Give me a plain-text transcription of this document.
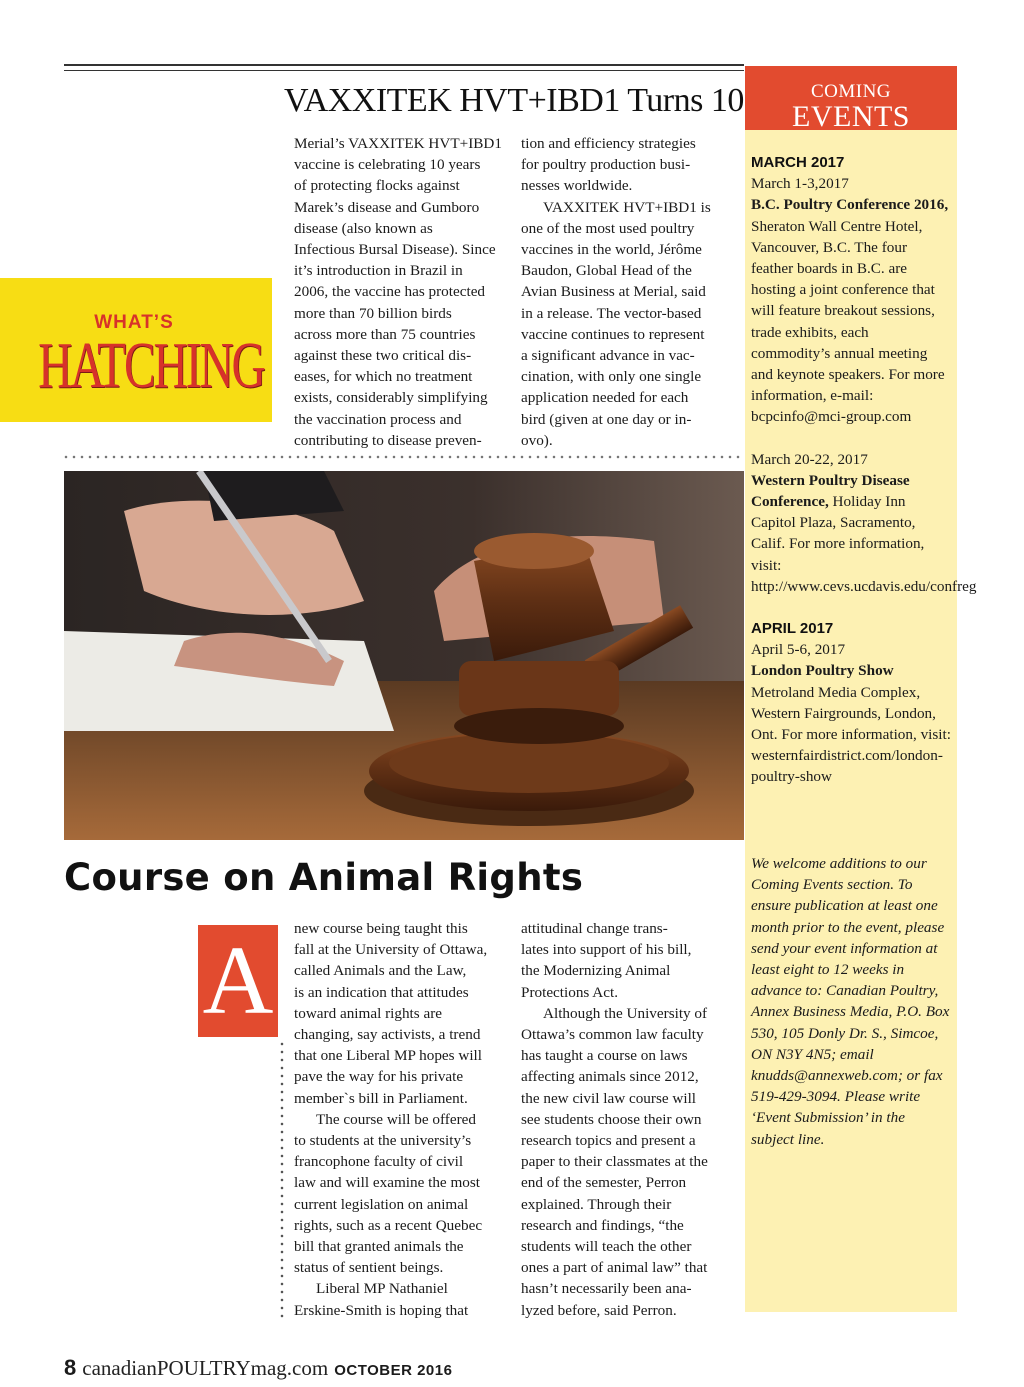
VAXXITEK HVT+IBD1 Turns 10
WHAT’S
HATCHING

Merial’s VAXXITEK HVT+IBD1

vaccine is celebrating 10 years

of protecting flocks against

Marek’s disease and Gumboro

disease (also known as

Infectious Bursal Disease). Since

it’s introduction in Brazil in

2006, the vaccine has protected

more than 70 billion birds

across more than 75 countries

against these two critical dis-

eases, for which no treatment

exists, considerably simplifying

the vaccination process and

contributing to disease preven-

tion and efficiency strategies

for poultry production busi-

nesses worldwide.

VAXXITEK HVT+IBD1 is

one of the most used poultry

vaccines in the world, Jérôme

Baudon, Global Head of the

Avian Business at Merial, said

in a release. The vector-based

vaccine continues to represent

a significant advance in vac-

cination, with only one single

application needed for each

bird (given at one day or in-

ovo).

Course on Animal Rights
A	new course being taught this

fall at the University of Ottawa,

called Animals and the Law,

is an indication that attitudes

toward animal rights are

changing, say activists, a trend

that one Liberal MP hopes will

pave the way for his private

member`s bill in Parliament.

The course will be offered

to students at the university’s

francophone faculty of civil

law and will examine the most

current legislation on animal

rights, such as a recent Quebec

bill that granted animals the

status of sentient beings.

Liberal MP Nathaniel

Erskine-Smith is hoping that

attitudinal change trans-

lates into support of his bill,

the Modernizing Animal

Protections Act.

Although the University of

Ottawa’s common law faculty

has taught a course on laws

affecting animals since 2012,

the new civil law course will

see students choose their own

research topics and present a

paper to their classmates at the

end of the semester, Perron

explained. Through their

research and findings, “the

students will teach the other

ones a part of animal law” that

hasn’t necessarily been ana-

lyzed before, said Perron.

COMING
EVENTS

MARCH 2017

March 1-3,2017

B.C. Poultry Conference 2016, Sheraton Wall Centre Hotel, Vancouver, B.C. The four feather boards in B.C. are hosting a joint conference that will feature breakout sessions, trade exhibits, each commodity’s annual meeting and keynote speakers. For more information, e-mail: bcpcinfo@mci-group.com

March 20-22, 2017

Western Poultry Disease Conference, Holiday Inn Capitol Plaza, Sacramento, Calif. For more information, visit: http://www.cevs.ucdavis.edu/confreg

APRIL 2017

April 5-6, 2017

London Poultry Show

Metroland Media Complex, Western Fairgrounds, London, Ont. For more information, visit: westernfairdistrict.com/london-poultry-show

We welcome additions to our Coming Events section. To ensure publication at least one month prior to the event, please send your event information at least eight to 12 weeks in advance to: Canadian Poultry, Annex Business Media, P.O. Box 530, 105 Donly Dr. S., Simcoe, ON N3Y 4N5; email knudds@annexweb.com; or fax 519-429-3094. Please write ‘Event Submission’ in the subject line.

8 canadianPOULTRYmag.com OCTOBER 2016
